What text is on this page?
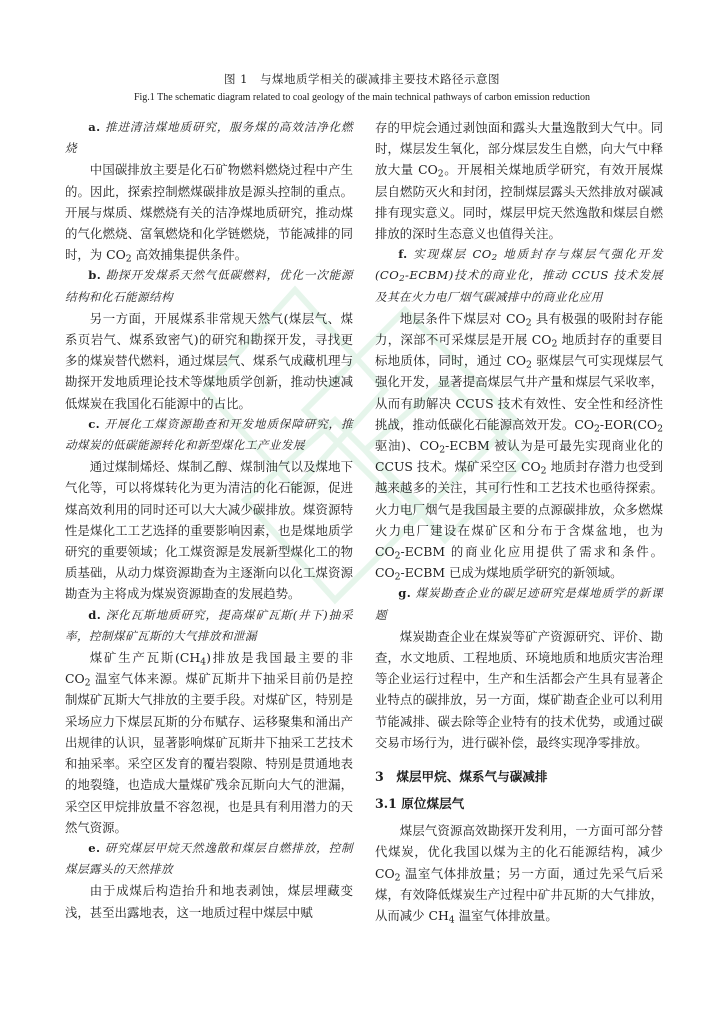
图 1　与煤地质学相关的碳减排主要技术路径示意图
Fig.1 The schematic diagram related to coal geology of the main technical pathways of carbon emission reduction

a. 推进清洁煤地质研究，服务煤的高效洁净化燃烧

中国碳排放主要是化石矿物燃料燃烧过程中产生的。因此，探索控制燃煤碳排放是源头控制的重点。开展与煤质、煤燃烧有关的洁净煤地质研究，推动煤的气化燃烧、富氧燃烧和化学链燃烧，节能减排的同时，为 $CO_2$ 高效捕集提供条件。

b. 勘探开发煤系天然气低碳燃料，优化一次能源结构和化石能源结构

另一方面，开展煤系非常规天然气(煤层气、煤系页岩气、煤系致密气)的研究和勘探开发，寻找更多的煤炭替代燃料，通过煤层气、煤系气成藏机理与勘探开发地质理论技术等煤地质学创新，推动快速减低煤炭在我国化石能源中的占比。

c. 开展化工煤资源勘查和开发地质保障研究，推动煤炭的低碳能源转化和新型煤化工产业发展

通过煤制烯烃、煤制乙醇、煤制油气以及煤地下气化等，可以将煤转化为更为清洁的化石能源，促进煤高效利用的同时还可以大大减少碳排放。煤资源特性是煤化工工艺选择的重要影响因素，也是煤地质学研究的重要领域；化工煤资源是发展新型煤化工的物质基础，从动力煤资源勘查为主逐渐向以化工煤资源勘查为主将成为煤炭资源勘查的发展趋势。

d. 深化瓦斯地质研究，提高煤矿瓦斯(井下)抽采率，控制煤矿瓦斯的大气排放和泄漏

煤矿生产瓦斯$(CH_4)$排放是我国最主要的非 $CO_2$ 温室气体来源。煤矿瓦斯井下抽采目前仍是控制煤矿瓦斯大气排放的主要手段。对煤矿区，特别是采场应力下煤层瓦斯的分布赋存、运移聚集和涌出产出规律的认识，显著影响煤矿瓦斯井下抽采工艺技术和抽采率。采空区发育的覆岩裂隙、特别是贯通地表的地裂缝，也造成大量煤矿残余瓦斯向大气的泄漏，采空区甲烷排放量不容忽视，也是具有利用潜力的天然气资源。

e. 研究煤层甲烷天然逸散和煤层自燃排放，控制煤层露头的天然排放

由于成煤后构造抬升和地表剥蚀，煤层埋藏变浅，甚至出露地表，这一地质过程中煤层中赋

存的甲烷会通过剥蚀面和露头大量逸散到大气中。同时，煤层发生氧化，部分煤层发生自燃，向大气中释放大量 $CO_2$。开展相关煤地质学研究，有效开展煤层自燃防灭火和封闭，控制煤层露头天然排放对碳减排有现实意义。同时，煤层甲烷天然逸散和煤层自燃排放的深时生态意义也值得关注。

f. 实现煤层 $CO_2$ 地质封存与煤层气强化开发$(CO_2-ECBM)$技术的商业化，推动 CCUS 技术发展及其在火力电厂烟气碳减排中的商业化应用

地层条件下煤层对 $CO_2$ 具有极强的吸附封存能力，深部不可采煤层是开展 $CO_2$ 地质封存的重要目标地质体，同时，通过 $CO_2$ 驱煤层气可实现煤层气强化开发，显著提高煤层气井产量和煤层气采收率，从而有助解决 CCUS 技术有效性、安全性和经济性挑战，推动低碳化石能源高效开发。$CO_2-EOR(CO_2$ 驱油)、$CO_2$-ECBM 被认为是可最先实现商业化的 CCUS 技术。煤矿采空区 $CO_2$ 地质封存潜力也受到越来越多的关注，其可行性和工艺技术也亟待探索。火力电厂烟气是我国最主要的点源碳排放，众多燃煤火力电厂建设在煤矿区和分布于含煤盆地，也为 $CO_2$-ECBM 的商业化应用提供了需求和条件。$CO_2$-ECBM 已成为煤地质学研究的新领域。

g. 煤炭勘查企业的碳足迹研究是煤地质学的新课题

煤炭勘查企业在煤炭等矿产资源研究、评价、勘查，水文地质、工程地质、环境地质和地质灾害治理等企业运行过程中，生产和生活都会产生具有显著企业特点的碳排放，另一方面，煤矿勘查企业可以利用节能减排、碳去除等企业特有的技术优势，或通过碳交易市场行为，进行碳补偿，最终实现净零排放。

3　煤层甲烷、煤系气与碳减排

3.1 原位煤层气

煤层气资源高效勘探开发利用，一方面可部分替代煤炭，优化我国以煤为主的化石能源结构，减少 $CO_2$ 温室气体排放量；另一方面，通过先采气后采煤，有效降低煤炭生产过程中矿井瓦斯的大气排放，从而减少 $CH_4$ 温室气体排放量。
